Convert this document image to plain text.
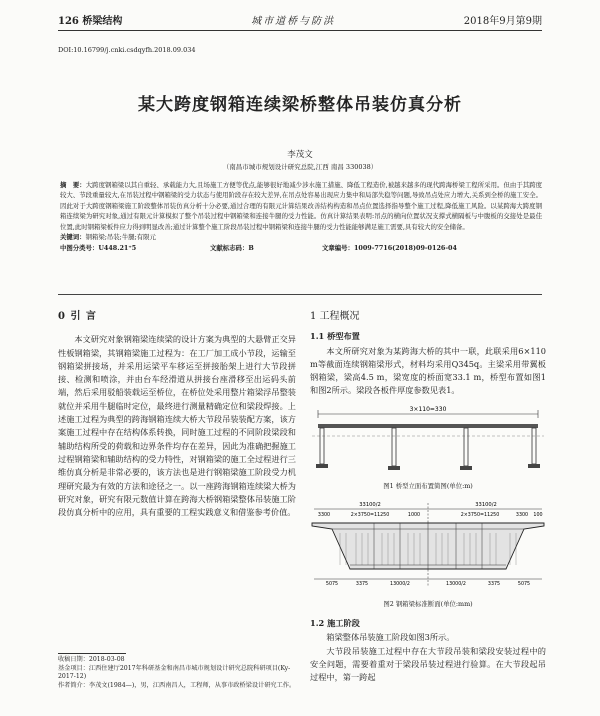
126 桥梁结构	城市道桥与防洪	2018年9月第9期
DOI:10.16799/j.cnki.csdqyfh.2018.09.034
某大跨度钢箱连续梁桥整体吊装仿真分析
李茂文
（南昌市城市规划设计研究总院,江西 南昌 330038）

摘　要：大跨度钢箱梁以其自重轻、承载能力大,且场施工方便等优点,能够很好地减少涉水施工措施、降低工程造价,被越来越多的现代跨海桥梁工程所采用。但由于其跨度较大、节段重量较大,在吊装过程中钢箱梁的受力状态与使用阶段存在较大差异,在吊点处容易出现应力集中和局部失稳等问题,导致吊点处应力增大,关系到全桥的施工安全。因此对于大跨度钢箱梁施工阶段整体吊装仿真分析十分必要,通过合理的有限元计算结果改善结构构造和吊点位置选择指导整个施工过程,降低施工风险。以某跨海大跨度钢箱连续梁为研究对象,通过有限元计算模拟了整个吊装过程中钢箱梁和连接牛腿的受力性能。仿真计算结果表明:吊点的横向位置状况支撑式横隔板与中腹板的交接处是最佳位置,此时钢箱梁板件应力得到明显改善;通过计算整个施工阶段吊装过程中钢箱梁和连接牛腿的受力性能能够满足施工需要,具有较大的安全储备。

关键词：钢箱梁;吊装;牛腿;有限元

中图分类号：U448.21⁺5	文献标志码：B	文章编号：1009-7716(2018)09-0126-04
0 引 言

本文研究对象钢箱梁连续梁的设计方案为典型的大悬臂正交异性板钢箱梁，其钢箱梁施工过程为：在工厂加工成小节段，运输至钢箱梁拼接场，并采用运梁平车移运至拼接胎架上进行大节段拼接、检测和喷涂，并由台车经滑道从拼接台座滑移至出运码头前端，然后采用驳船装载运至桥位，在桥位处采用整片箱梁浮吊整装就位并采用牛腿临时定位，最终进行测量精确定位和梁段焊接。上述施工过程为典型的跨海钢箱连续大桥大节段吊装装配方案，该方案施工过程中存在结构体系转换，同时施工过程的不同阶段梁段和辅助结构所受的荷载和边界条件均存在差异，因此为准确把握施工过程钢箱梁和辅助结构的受力特性，对钢箱梁的施工全过程进行三维仿真分析是非常必要的，该方法也是进行钢箱梁施工阶段受力机理研究最为有效的方法和途径之一。以一座跨海钢箱连续梁大桥为研究对象，研究有限元数值计算在跨海大桥钢箱梁整体吊装施工阶段仿真分析中的应用，具有重要的工程实践意义和借鉴参考价值。

1 工程概况
1.1 桥型布置

本文所研究对象为某跨海大桥的其中一联，此联采用6×110 m等截面连续钢箱梁形式，材料均采用Q345q。主梁采用带翼板钢箱梁，梁高4.5 m，梁宽度的桥面宽33.1 m，桥型布置如图1和图2所示。梁段各板件厚度参数见表1。

3×110=330
图1 桥型立面布置简图(单位:m)
33100/2	33100/2
3300	2×3750=11250	1000	2×3750=11250	3300 100
5075	3375	13000/2	13000/2	3375	5075
图2 钢箱梁标准断面(单位:mm)
1.2 施工阶段

箱梁整体吊装施工阶段如图3所示。

大节段吊装施工过程中存在大节段吊装和梁段安装过程中的安全问题，需要着重对于梁段吊装过程进行验算。在大节段起吊过程中，第一跨起

收稿日期：2018-03-08

基金项目：江西住建厅2017年科研基金和南昌市城市规划设计研究总院科研项目(Ky-2017-12)

作者简介：李茂文(1984—)，男，江西南昌人，工程师，从事市政桥梁设计研究工作。
